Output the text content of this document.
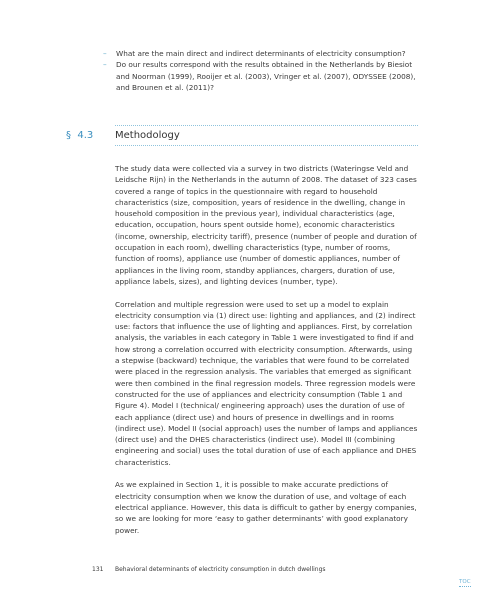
– What are the main direct and indirect determinants of electricity consumption?
– Do our results correspond with the results obtained in the Netherlands by Biesiot and Noorman (1999), Rooijer et al. (2003), Vringer et al. (2007), ODYSSEE (2008), and Brounen et al. (2011)?
§ 4.3 Methodology

The study data were collected via a survey in two districts (Wateringse Veld and Leidsche Rijn) in the Netherlands in the autumn of 2008. The dataset of 323 cases covered a range of topics in the questionnaire with regard to household characteristics (size, composition, years of residence in the dwelling, change in household composition in the previous year), individual characteristics (age, education, occupation, hours spent outside home), economic characteristics (income, ownership, electricity tariff), presence (number of people and duration of occupation in each room), dwelling characteristics (type, number of rooms, function of rooms), appliance use (number of domestic appliances, number of appliances in the living room, standby appliances, chargers, duration of use, appliance labels, sizes), and lighting devices (number, type).

Correlation and multiple regression were used to set up a model to explain electricity consumption via (1) direct use: lighting and appliances, and (2) indirect use: factors that influence the use of lighting and appliances. First, by correlation analysis, the variables in each category in Table 1 were investigated to find if and how strong a correlation occurred with electricity consumption. Afterwards, using a stepwise (backward) technique, the variables that were found to be correlated were placed in the regression analysis. The variables that emerged as significant were then combined in the final regression models. Three regression models were constructed for the use of appliances and electricity consumption (Table 1 and Figure 4). Model I (technical/ engineering approach) uses the duration of use of each appliance (direct use) and hours of presence in dwellings and in rooms (indirect use). Model II (social approach) uses the number of lamps and appliances (direct use) and the DHES characteristics (indirect use). Model III (combining engineering and social) uses the total duration of use of each appliance and DHES characteristics.

As we explained in Section 1, it is possible to make accurate predictions of electricity consumption when we know the duration of use, and voltage of each electrical appliance. However, this data is difficult to gather by energy companies, so we are looking for more ‘easy to gather determinants’ with good explanatory power.

131 Behavioral determinants of electricity consumption in dutch dwellings
TOC
